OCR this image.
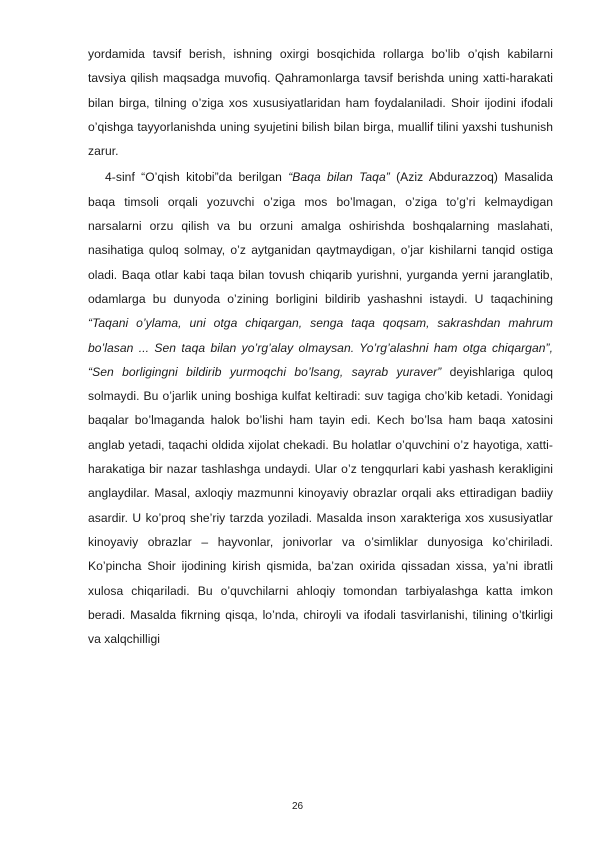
yordamida tavsif berish, ishning oxirgi bosqichida rollarga bo’lib o’qish kabilarni tavsiya qilish maqsadga muvofiq. Qahramonlarga tavsif berishda uning xatti-harakati bilan birga, tilning o’ziga xos xususiyatlaridan ham foydalaniladi. Shoir ijodini ifodali o’qishga tayyorlanishda uning syujetini bilish bilan birga, muallif tilini yaxshi tushunish zarur.

4-sinf “O’qish kitobi”da berilgan “Baqa bilan Taqa” (Aziz Abdurazzoq) Masalida baqa timsoli orqali yozuvchi o’ziga mos bo’lmagan, o’ziga to’g’ri kelmaydigan narsalarni orzu qilish va bu orzuni amalga oshirishda boshqalarning maslahati, nasihatiga quloq solmay, o’z aytganidan qaytmaydigan, o’jar kishilarni tanqid ostiga oladi. Baqa otlar kabi taqa bilan tovush chiqarib yurishni, yurganda yerni jaranglatib, odamlarga bu dunyoda o’zining borligini bildirib yashashni istaydi. U taqachining “Taqani o’ylama, uni otga chiqargan, senga taqa qoqsam, sakrashdan mahrum bo’lasan ... Sen taqa bilan yo’rg’alay olmaysan. Yo’rg’alashni ham otga chiqargan”, “Sen borligingni bildirib yurmoqchi bo’lsang, sayrab yuraver” deyishlariga quloq solmaydi. Bu o’jarlik uning boshiga kulfat keltiradi: suv tagiga cho’kib ketadi. Yonidagi baqalar bo’lmaganda halok bo’lishi ham tayin edi. Kech bo’lsa ham baqa xatosini anglab yetadi, taqachi oldida xijolat chekadi. Bu holatlar o’quvchini o’z hayotiga, xatti-harakatiga bir nazar tashlashga undaydi. Ular o’z tengqurlari kabi yashash kerakligini anglaydilar. Masal, axloqiy mazmunni kinoyaviy obrazlar orqali aks ettiradigan badiiy asardir. U ko’proq she’riy tarzda yoziladi. Masalda inson xarakteriga xos xususiyatlar kinoyaviy obrazlar – hayvonlar, jonivorlar va o’simliklar dunyosiga ko’chiriladi. Ko’pincha Shoir ijodining kirish qismida, ba’zan oxirida qissadan xissa, ya’ni ibratli xulosa chiqariladi. Bu o’quvchilarni ahloqiy tomondan tarbiyalashga katta imkon beradi. Masalda fikrning qisqa, lo’nda, chiroyli va ifodali tasvirlanishi, tilining o’tkirligi va xalqchilligi

26
